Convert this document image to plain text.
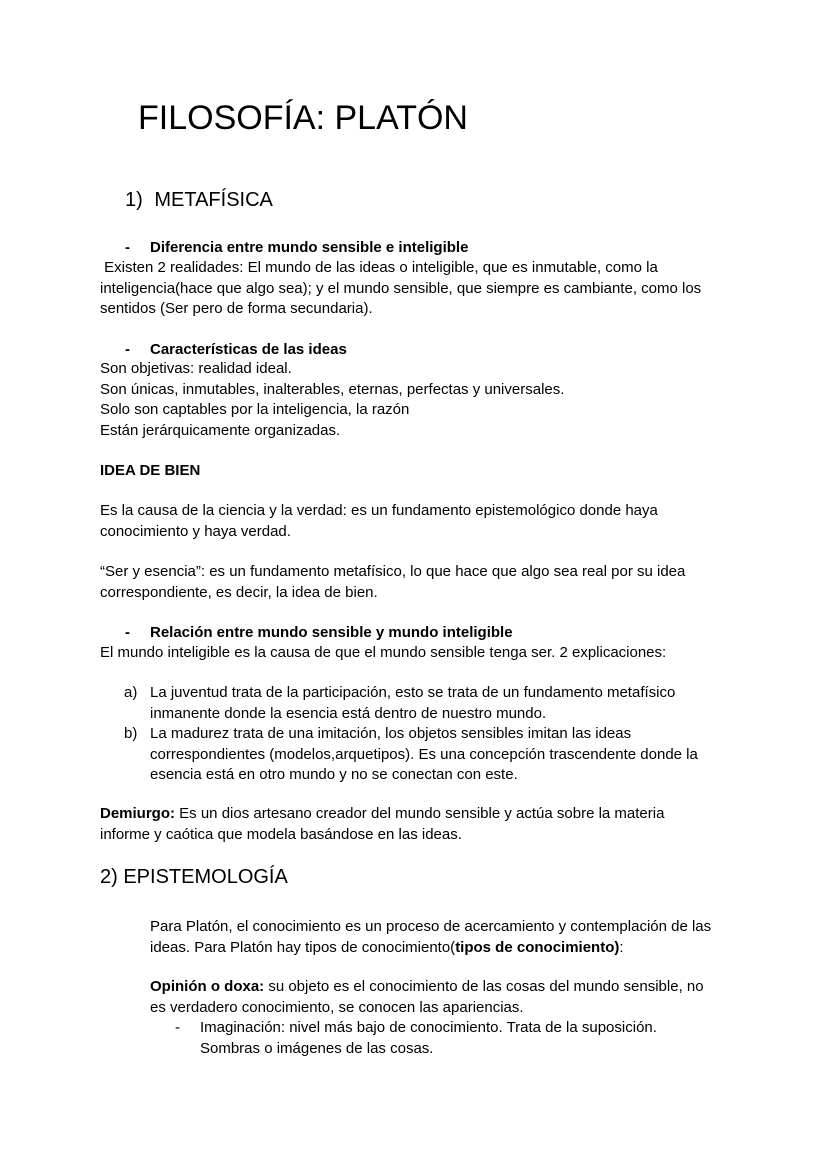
FILOSOFÍA: PLATÓN
1) METAFÍSICA
- Diferencia entre mundo sensible e inteligible

Existen 2 realidades: El mundo de las ideas o inteligible, que es inmutable, como la

inteligencia(hace que algo sea); y el mundo sensible, que siempre es cambiante, como los

sentidos (Ser pero de forma secundaria).

- Características de las ideas

Son objetivas: realidad ideal.

Son únicas, inmutables, inalterables, eternas, perfectas y universales.

Solo son captables por la inteligencia, la razón

Están jerárquicamente organizadas.

IDEA DE BIEN

Es la causa de la ciencia y la verdad: es un fundamento epistemológico donde haya

conocimiento y haya verdad.

“Ser y esencia”: es un fundamento metafísico, lo que hace que algo sea real por su idea

correspondiente, es decir, la idea de bien.

- Relación entre mundo sensible y mundo inteligible
El mundo inteligible es la causa de que el mundo sensible tenga ser. 2 explicaciones:
a) La juventud trata de la participación, esto se trata de un fundamento metafísico

inmanente donde la esencia está dentro de nuestro mundo.

b) La madurez trata de una imitación, los objetos sensibles imitan las ideas

correspondientes (modelos,arquetipos). Es una concepción trascendente donde la

esencia está en otro mundo y no se conectan con este.

Demiurgo: Es un dios artesano creador del mundo sensible y actúa sobre la materia

informe y caótica que modela basándose en las ideas.

2) EPISTEMOLOGÍA

Para Platón, el conocimiento es un proceso de acercamiento y contemplación de las

ideas. Para Platón hay tipos de conocimiento(tipos de conocimiento):

Opinión o doxa: su objeto es el conocimiento de las cosas del mundo sensible, no

es verdadero conocimiento, se conocen las apariencias.

- Imaginación: nivel más bajo de conocimiento. Trata de la suposición.

Sombras o imágenes de las cosas.
